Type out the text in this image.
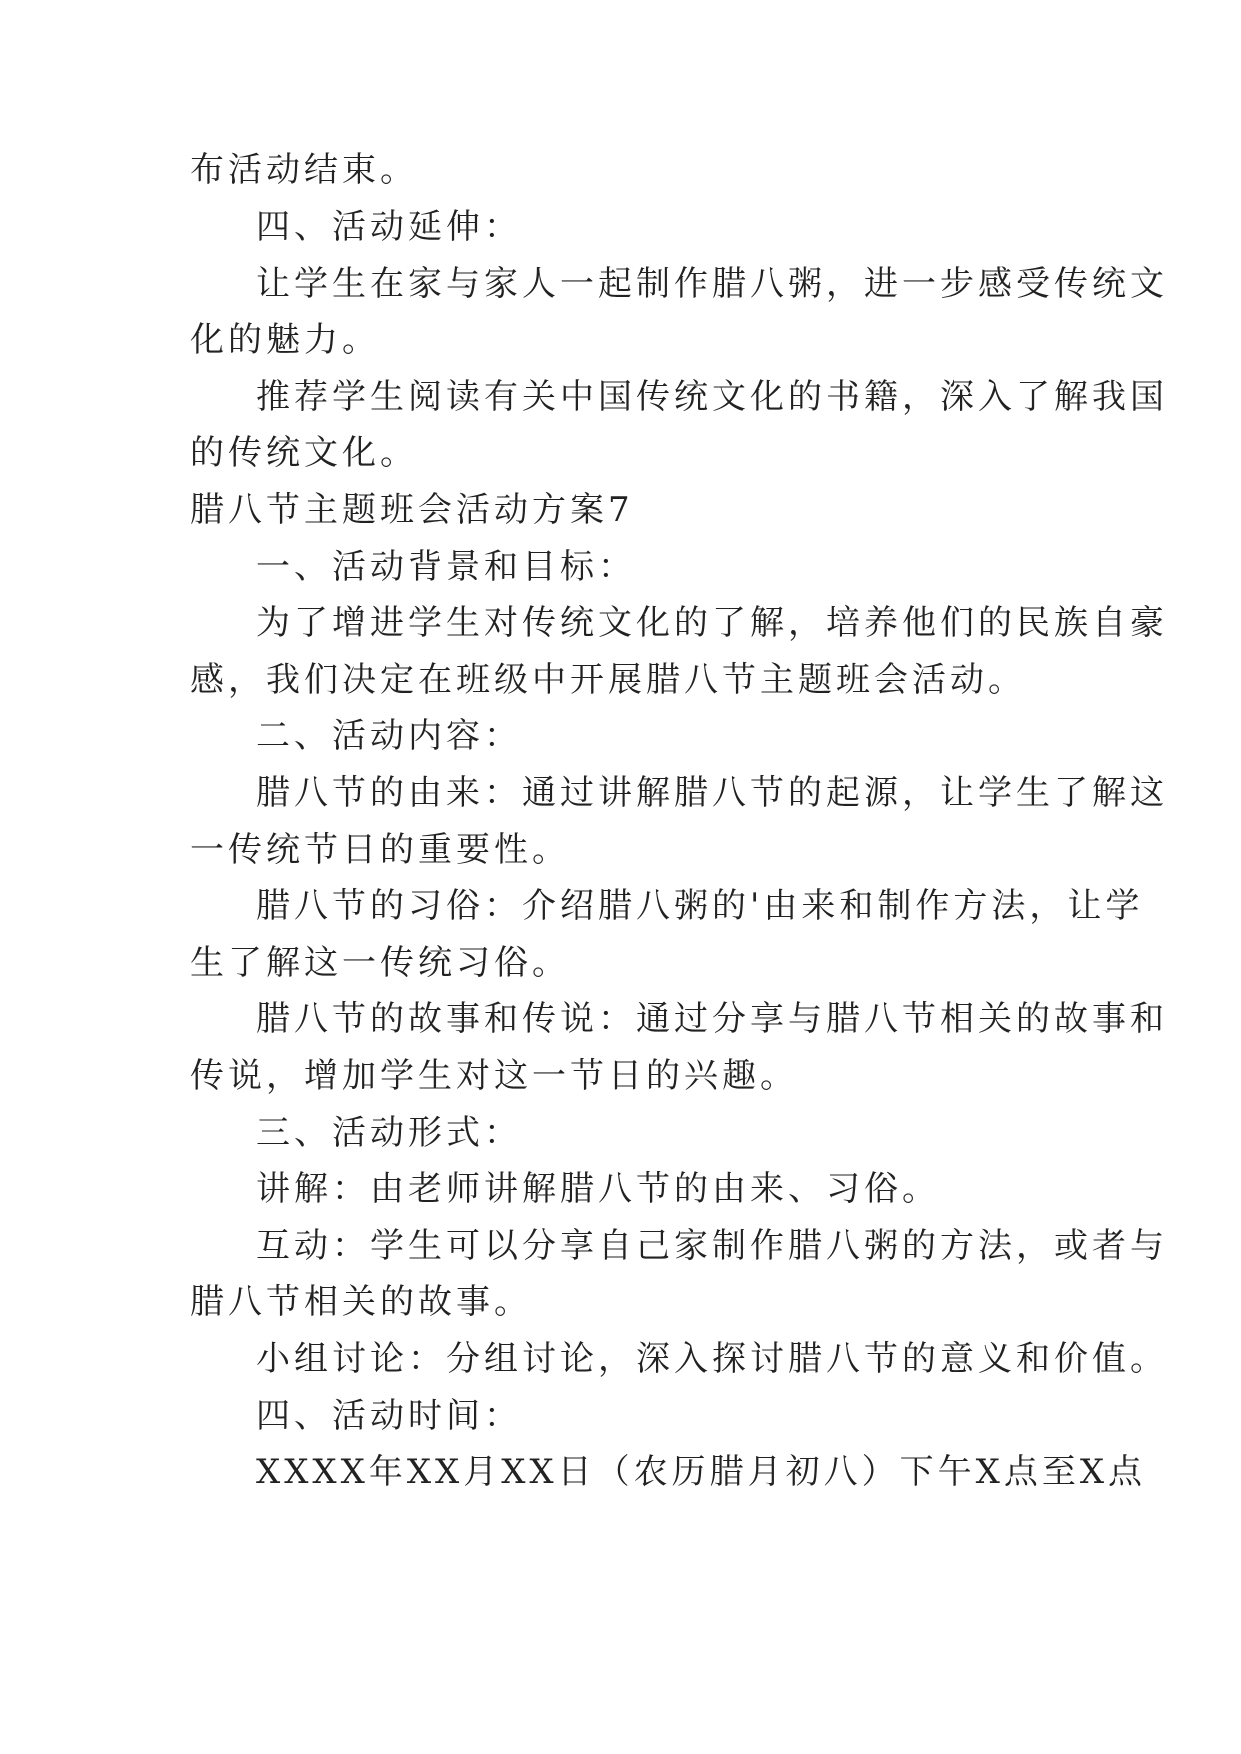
布活动结束。
四、活动延伸：
让学生在家与家人一起制作腊八粥，进一步感受传统文
化的魅力。
推荐学生阅读有关中国传统文化的书籍，深入了解我国
的传统文化。
腊八节主题班会活动方案7
一、活动背景和目标：
为了增进学生对传统文化的了解，培养他们的民族自豪
感，我们决定在班级中开展腊八节主题班会活动。
二、活动内容：
腊八节的由来：通过讲解腊八节的起源，让学生了解这
一传统节日的重要性。
腊八节的习俗：介绍腊八粥的'由来和制作方法，让学
生了解这一传统习俗。
腊八节的故事和传说：通过分享与腊八节相关的故事和
传说，增加学生对这一节日的兴趣。
三、活动形式：
讲解：由老师讲解腊八节的由来、习俗。
互动：学生可以分享自己家制作腊八粥的方法，或者与
腊八节相关的故事。
小组讨论：分组讨论，深入探讨腊八节的意义和价值。
四、活动时间：
XXXX年XX月XX日（农历腊月初八）下午X点至X点
